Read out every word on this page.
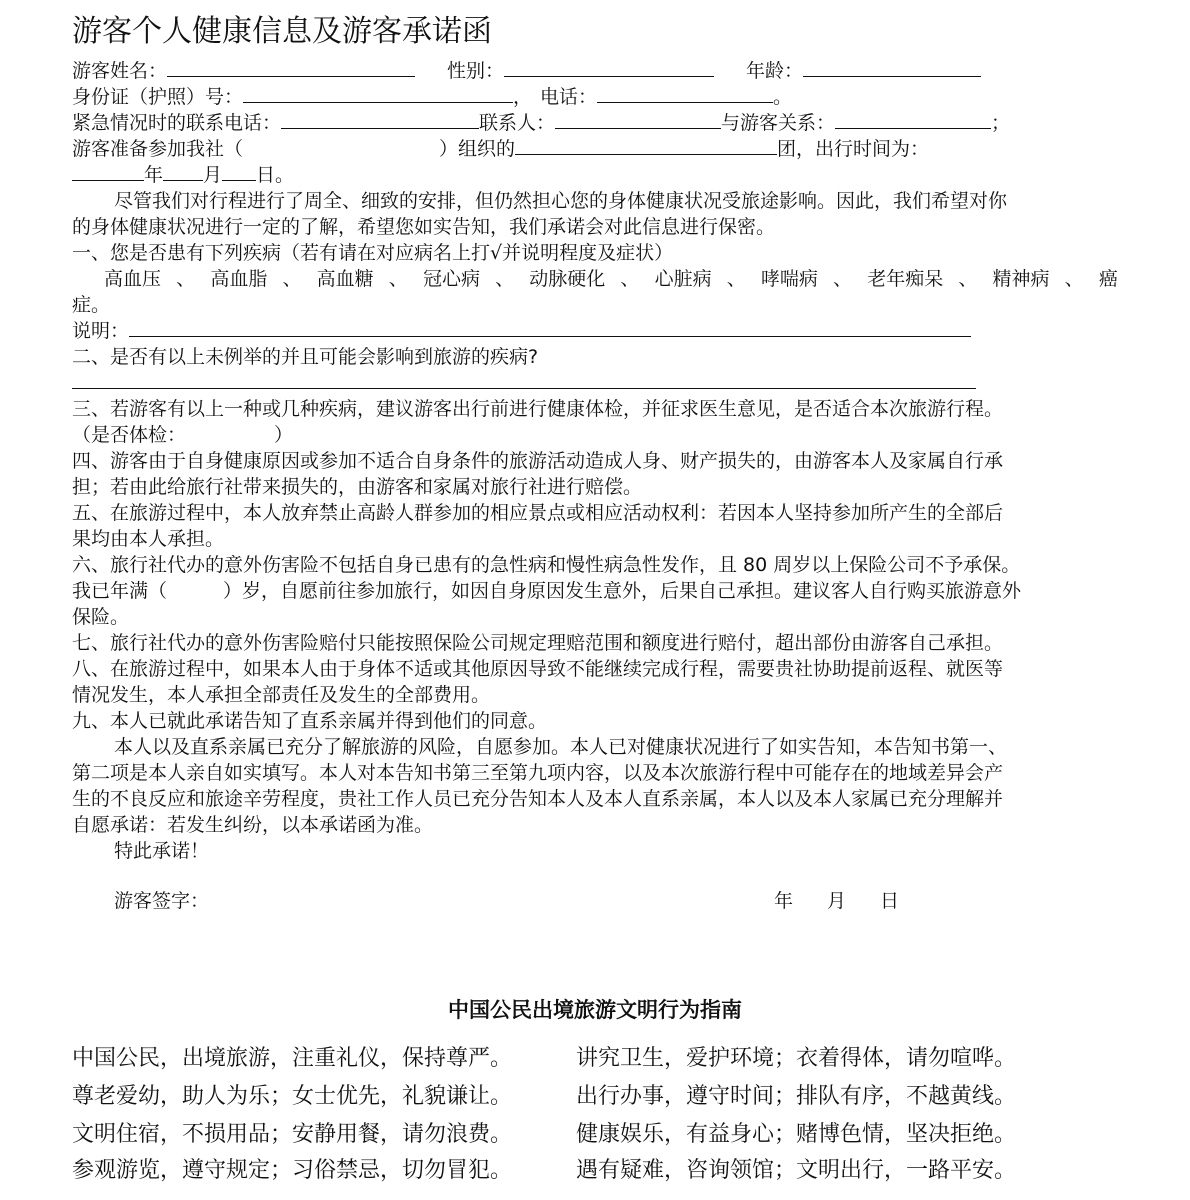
游客个人健康信息及游客承诺函
游客姓名：	性别：	年龄：
身份证（护照）号：	， 电话：	。
紧急情况时的联系电话：	联系人：	与游客关系：	；
游客准备参加我社（	）组织的	团，出行时间为：
年 月 日。
尽管我们对行程进行了周全、细致的安排，但仍然担心您的身体健康状况受旅途影响。因此，我们希望对你
的身体健康状况进行一定的了解，希望您如实告知，我们承诺会对此信息进行保密。
一、您是否患有下列疾病（若有请在对应病名上打√并说明程度及症状）
高血压 、 高血脂 、 高血糖 、 冠心病 、 动脉硬化 、 心脏病 、 哮喘病 、 老年痴呆 、 精神病 、 癌
症。
说明：
二、是否有以上未例举的并且可能会影响到旅游的疾病?
三、若游客有以上一种或几种疾病，建议游客出行前进行健康体检，并征求医生意见，是否适合本次旅游行程。
（是否体检：	）
四、游客由于自身健康原因或参加不适合自身条件的旅游活动造成人身、财产损失的，由游客本人及家属自行承
担；若由此给旅行社带来损失的，由游客和家属对旅行社进行赔偿。
五、在旅游过程中，本人放弃禁止高龄人群参加的相应景点或相应活动权利：若因本人坚持参加所产生的全部后
果均由本人承担。
六、旅行社代办的意外伤害险不包括自身已患有的急性病和慢性病急性发作，且 80 周岁以上保险公司不予承保。
我已年满（	）岁，自愿前往参加旅行，如因自身原因发生意外，后果自己承担。建议客人自行购买旅游意外
保险。
七、旅行社代办的意外伤害险赔付只能按照保险公司规定理赔范围和额度进行赔付，超出部份由游客自己承担。
八、在旅游过程中，如果本人由于身体不适或其他原因导致不能继续完成行程，需要贵社协助提前返程、就医等
情况发生，本人承担全部责任及发生的全部费用。
九、本人已就此承诺告知了直系亲属并得到他们的同意。
本人以及直系亲属已充分了解旅游的风险，自愿参加。本人已对健康状况进行了如实告知，本告知书第一、
第二项是本人亲自如实填写。本人对本告知书第三至第九项内容，以及本次旅游行程中可能存在的地域差异会产
生的不良反应和旅途辛劳程度，贵社工作人员已充分告知本人及本人直系亲属，本人以及本人家属已充分理解并
自愿承诺：若发生纠纷，以本承诺函为准。
特此承诺！
游客签字：	年 月 日
中国公民出境旅游文明行为指南
中国公民，出境旅游，注重礼仪，保持尊严。	讲究卫生，爱护环境；衣着得体，请勿喧哗。
尊老爱幼，助人为乐；女士优先，礼貌谦让。	出行办事，遵守时间；排队有序，不越黄线。
文明住宿，不损用品；安静用餐，请勿浪费。	健康娱乐，有益身心；赌博色情，坚决拒绝。
参观游览，遵守规定；习俗禁忌，切勿冒犯。	遇有疑难，咨询领馆；文明出行，一路平安。
